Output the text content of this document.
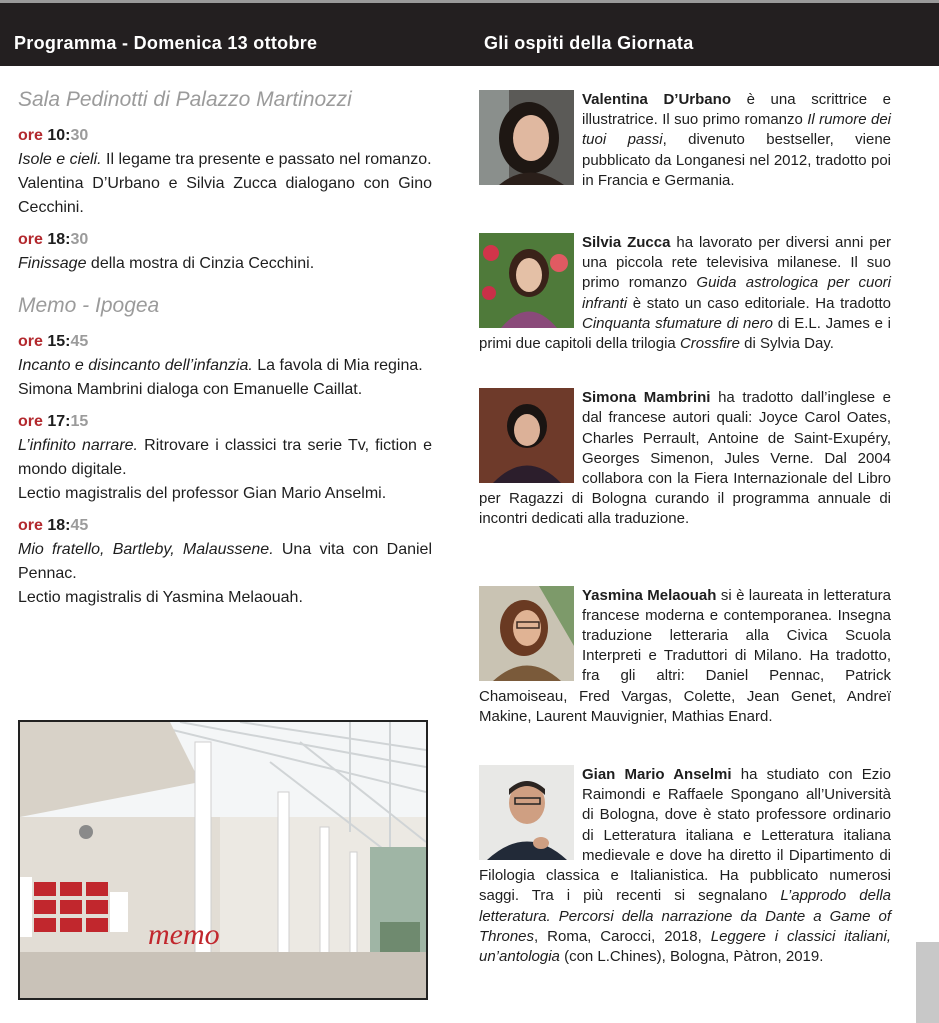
Programma - Domenica 13 ottobre	Gli ospiti della Giornata
Sala Pedinotti di Palazzo Martinozzi
ore 10:30

Isole e cieli. Il legame tra presente e passato nel romanzo.

Valentina D’Urbano e Silvia Zucca dialogano con Gino Cecchini.

ore 18:30

Finissage della mostra di Cinzia Cecchini.

Memo - Ipogea
ore 15:45

Incanto e disincanto dell’infanzia. La favola di Mia regina.

Simona Mambrini dialoga con Emanuelle Caillat.

ore 17:15

L’infinito narrare. Ritrovare i classici tra serie Tv, fiction e mondo digitale.

Lectio magistralis del professor Gian Mario Anselmi.

ore 18:45

Mio fratello, Bartleby, Malaussene. Una vita con Daniel Pennac.

Lectio magistralis di Yasmina Melaouah.

memo
Valentina D’Urbano è una scrittrice e illustratrice. Il suo primo romanzo Il rumore dei tuoi passi, divenuto bestseller, viene pubblicato da Longanesi nel 2012, tradotto poi in Francia e Germania.
Silvia Zucca ha lavorato per diversi anni per una piccola rete televisiva milanese. Il suo primo romanzo Guida astrologica per cuori infranti è stato un caso editoriale. Ha tradotto Cinquanta sfumature di nero di E.L. James e i primi due capitoli della trilogia Crossfire di Sylvia Day.
Simona Mambrini ha tradotto dall’inglese e dal francese autori quali: Joyce Carol Oates, Charles Perrault, Antoine de Saint-Exupéry, Georges Simenon, Jules Verne. Dal 2004 collabora con la Fiera Internazionale del Libro per Ragazzi di Bologna curando il programma annuale di incontri dedicati alla traduzione.
Yasmina Melaouah si è laureata in letteratura francese moderna e contemporanea. Insegna traduzione letteraria alla Civica Scuola Interpreti e Traduttori di Milano. Ha tradotto, fra gli altri: Daniel Pennac, Patrick Chamoiseau, Fred Vargas, Colette, Jean Genet, Andreï Makine, Laurent Mauvignier, Mathias Enard.
Gian Mario Anselmi ha studiato con Ezio Raimondi e Raffaele Spongano all’Università di Bologna, dove è stato professore ordinario di Letteratura italiana e Letteratura italiana medievale e dove ha diretto il Dipartimento di Filologia classica e Italianistica. Ha pubblicato numerosi saggi. Tra i più recenti si segnalano L’approdo della letteratura. Percorsi della narrazione da Dante a Game of Thrones, Roma, Carocci, 2018, Leggere i classici italiani, un’antologia (con L.Chines), Bologna, Pàtron, 2019.
